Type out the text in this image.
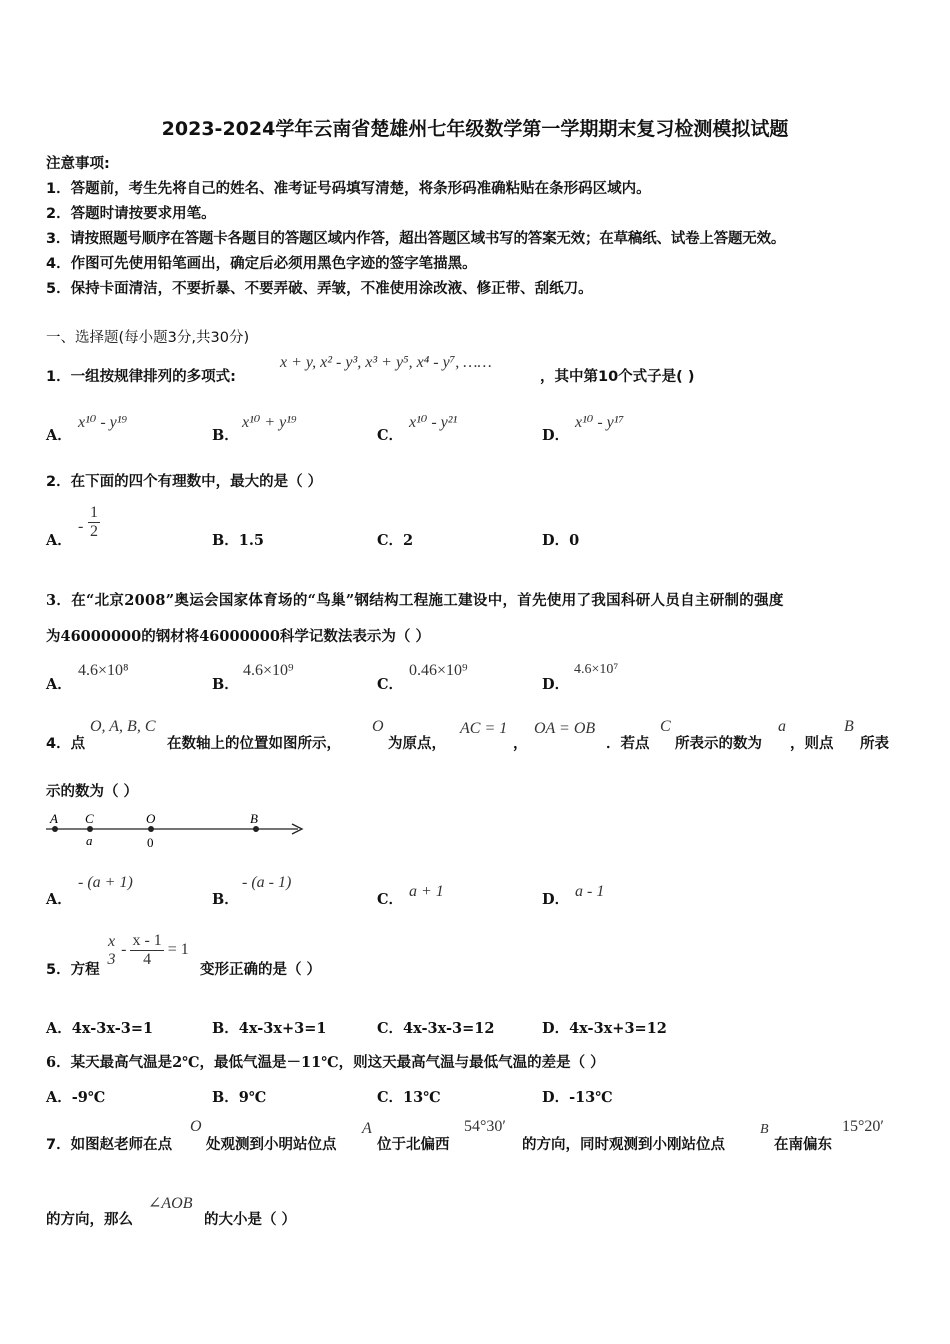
2023-2024学年云南省楚雄州七年级数学第一学期期末复习检测模拟试题
注意事项:
1．答题前，考生先将自己的姓名、准考证号码填写清楚，将条形码准确粘贴在条形码区域内。
2．答题时请按要求用笔。
3．请按照题号顺序在答题卡各题目的答题区域内作答，超出答题区域书写的答案无效；在草稿纸、试卷上答题无效。
4．作图可先使用铅笔画出，确定后必须用黑色字迹的签字笔描黑。
5．保持卡面清洁，不要折暴、不要弄破、弄皱，不准使用涂改液、修正带、刮纸刀。
一、选择题(每小题3分,共30分)
1．一组按规律排列的多项式:
x + y, x² - y³, x³ + y⁵, x⁴ - y⁷, ……
，其中第10个式子是( )
A．
x¹⁰ - y¹⁹
B．
x¹⁰ + y¹⁹
C．
x¹⁰ - y²¹
D．
x¹⁰ - y¹⁷
2．在下面的四个有理数中，最大的是（ ）
A．
- $\frac{1}{2}$	B．1.5	C．2	D．0
3．在“北京2008”奥运会国家体育场的“鸟巢”钢结构工程施工建设中，首先使用了我国科研人员自主研制的强度
为46000000的钢材将46000000科学记数法表示为（ ）
A．
4.6×10⁸
B．
4.6×10⁹
C．
0.46×10⁹
D．
4.6×10⁷
4．点
O, A, B, C
在数轴上的位置如图所示，
O
为原点，
AC = 1
，
OA = OB
．若点
C
所表示的数为
a
，则点
B
所表
示的数为（ ）
A C	O	B
a	0
A．
- (a + 1)
B．
- (a - 1)
C． a + 1	D． a - 1
5．方程
x
3
- $\frac{x - 1}{4} = 1$
变形正确的是（ ）
A．4x-3x-3=1	B．4x-3x+3=1	C．4x-3x-3=12	D．4x-3x+3=12
6．某天最高气温是2℃，最低气温是－11℃，则这天最高气温与最低气温的差是（ ）
A．-9℃	B．9℃	C．13℃	D．-13℃
7．如图赵老师在点
O
处观测到小明站位点
A
位于北偏西
54°30′
的方向，同时观测到小刚站位点
B
在南偏东
15°20′
的方向，那么
∠AOB
的大小是（ ）
